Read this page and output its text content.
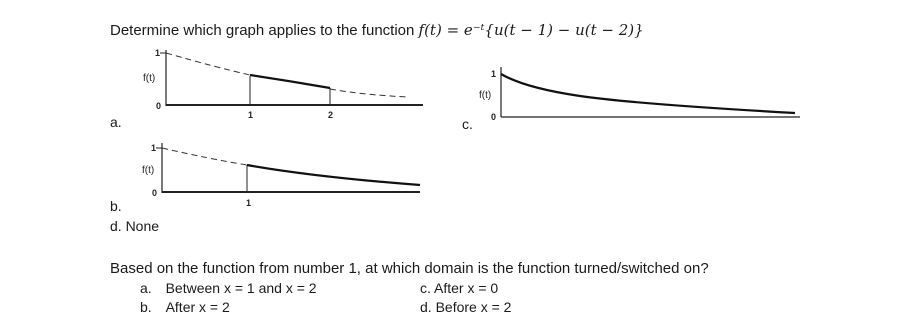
Determine which graph applies to the function f(t) = e⁻ᵗ{u(t − 1) − u(t − 2)}
1
f(t)
0
1	2
a.
1
f(t)
0
c.
1
f(t)
0
1
b.
d. None
Based on the function from number 1, at which domain is the function turned/switched on?
a. Between x = 1 and x = 2
b. After x = 2
c. After x = 0
d. Before x = 2
